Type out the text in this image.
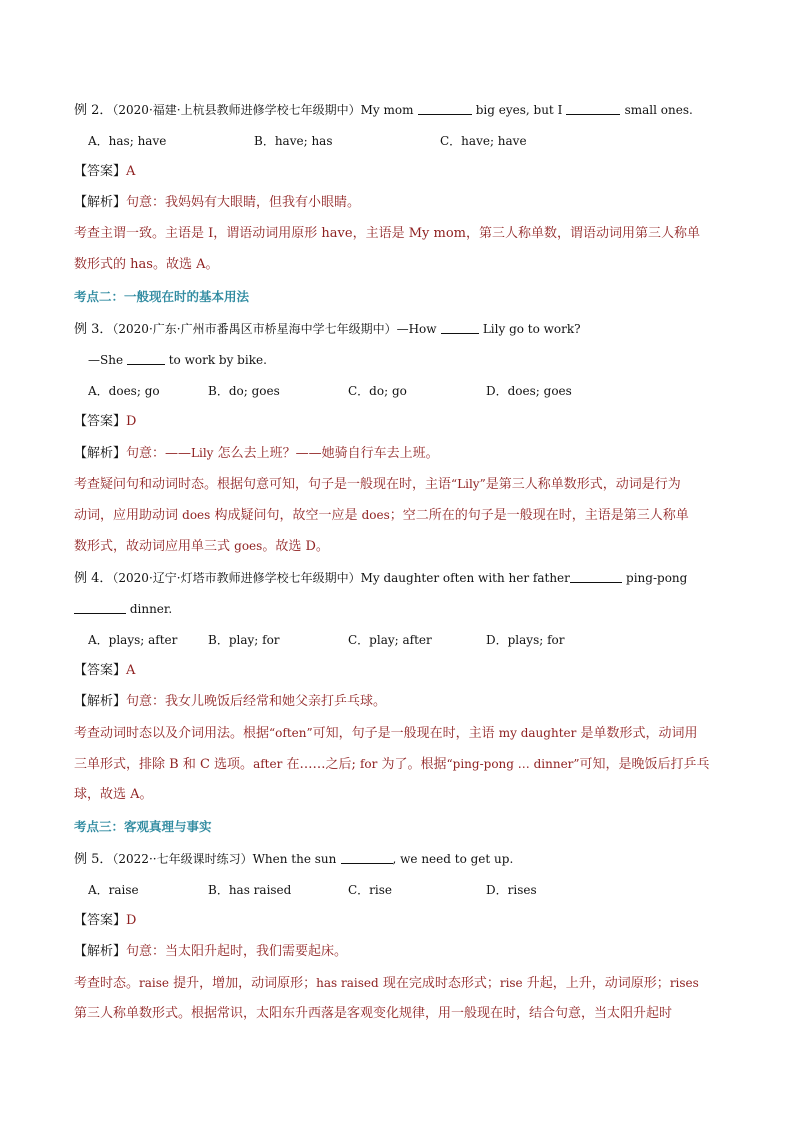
例 2．（2020·福建·上杭县教师进修学校七年级期中）My mom	big eyes, but I	small ones.
A．has; have	B．have; has	C．have; have
【答案】A
【解析】句意：我妈妈有大眼睛，但我有小眼睛。
考查主谓一致。主语是 I，谓语动词用原形 have，主语是 My mom，第三人称单数，谓语动词用第三人称单
数形式的 has。故选 A。
考点二：一般现在时的基本用法
例 3．（2020·广东·广州市番禺区市桥星海中学七年级期中）—How	Lily go to work?
—She	to work by bike.
A．does; go	B．do; goes	C．do; go	D．does; goes
【答案】D
【解析】句意：——Lily 怎么去上班？——她骑自行车去上班。
考查疑问句和动词时态。根据句意可知，句子是一般现在时，主语“Lily”是第三人称单数形式，动词是行为
动词，应用助动词 does 构成疑问句，故空一应是 does；空二所在的句子是一般现在时，主语是第三人称单
数形式，故动词应用单三式 goes。故选 D。
例 4．（2020·辽宁·灯塔市教师进修学校七年级期中）My daughter often with her father	ping-pong
dinner.
A．plays; after	B．play; for	C．play; after	D．plays; for
【答案】A
【解析】句意：我女儿晚饭后经常和她父亲打乒乓球。
考查动词时态以及介词用法。根据“often”可知，句子是一般现在时，主语 my daughter 是单数形式，动词用
三单形式，排除 B 和 C 选项。after 在……之后; for 为了。根据“ping-pong … dinner”可知，是晚饭后打乒乓
球，故选 A。
考点三：客观真理与事实
例 5．（2022··七年级课时练习）When the sun	, we need to get up.
A．raise	B．has raised	C．rise	D．rises
【答案】D
【解析】句意：当太阳升起时，我们需要起床。
考查时态。raise 提升，增加，动词原形；has raised 现在完成时态形式；rise 升起，上升，动词原形；rises
第三人称单数形式。根据常识，太阳东升西落是客观变化规律，用一般现在时，结合句意，当太阳升起时
